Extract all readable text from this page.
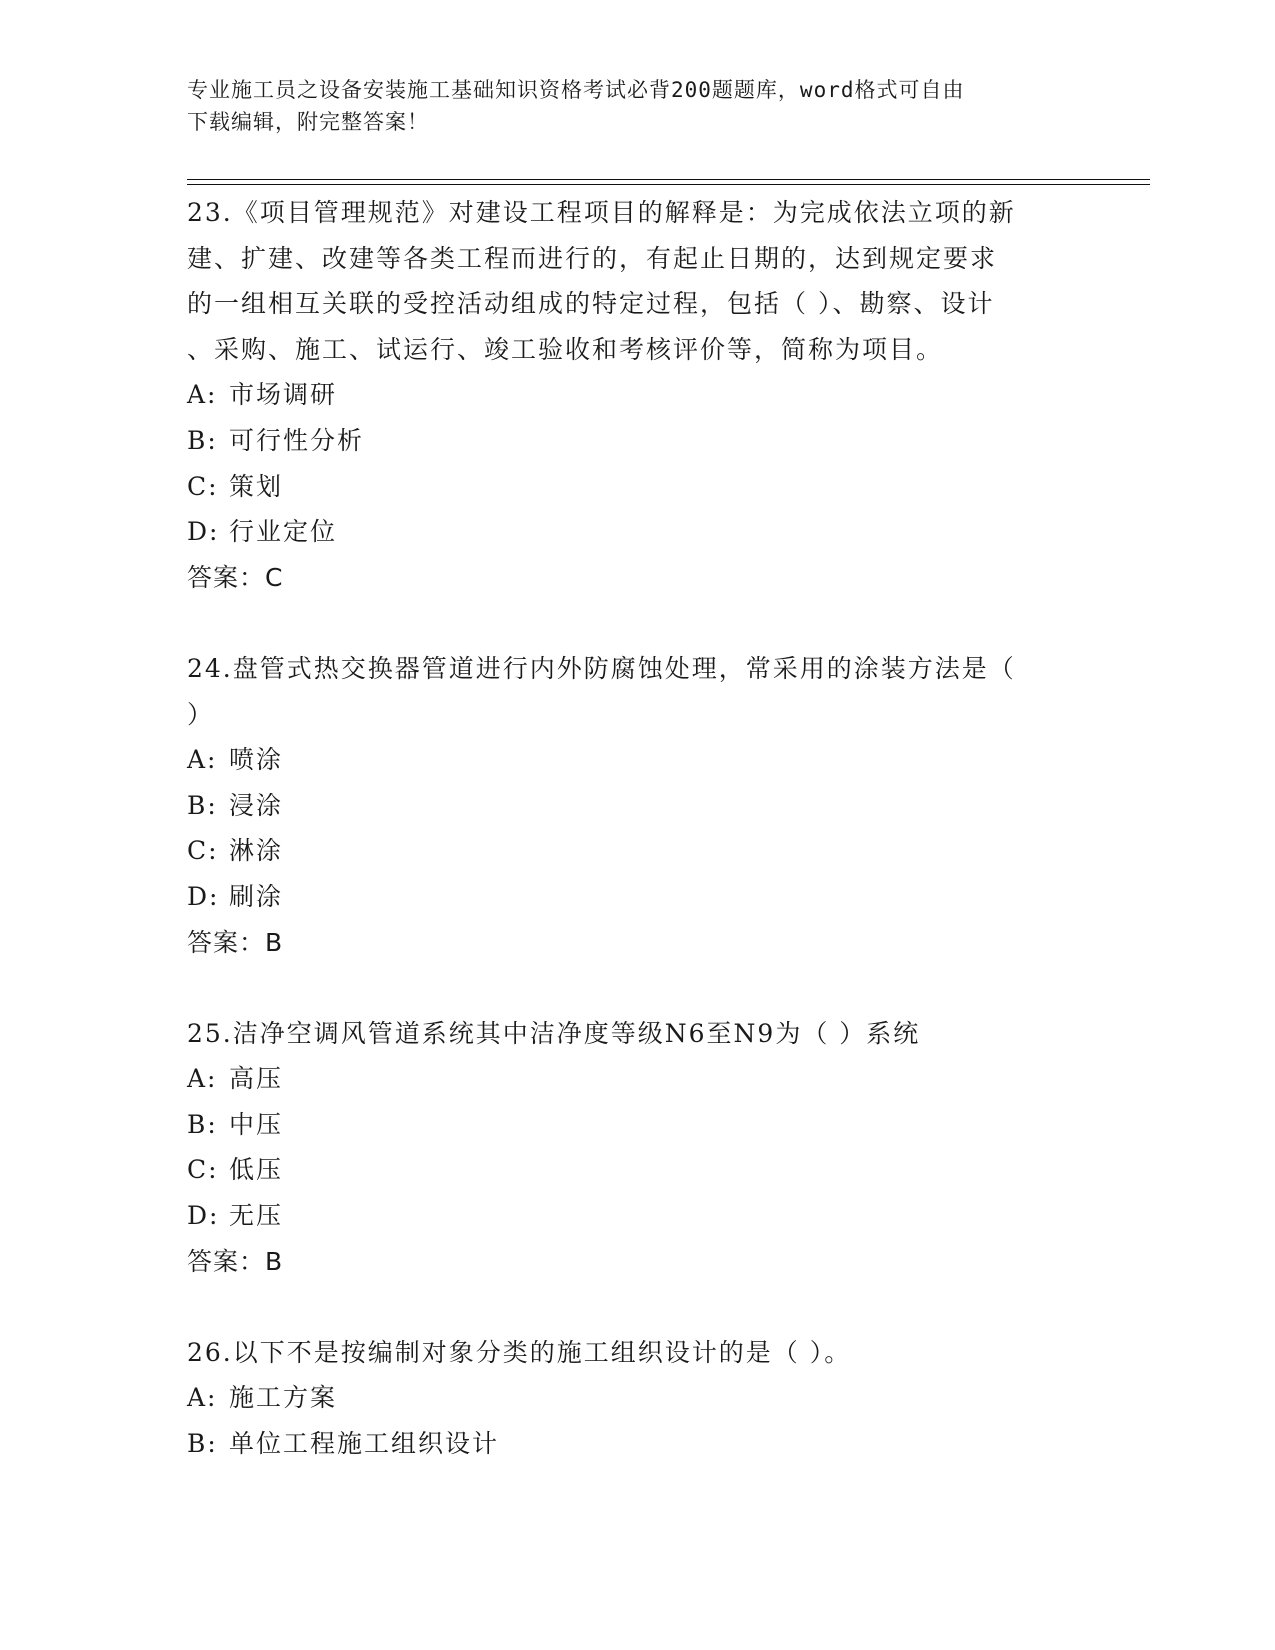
专业施工员之设备安装施工基础知识资格考试必背200题题库，word格式可自由
下载编辑，附完整答案！
23.《项目管理规范》对建设工程项目的解释是：为完成依法立项的新
建、扩建、改建等各类工程而进行的，有起止日期的，达到规定要求
的一组相互关联的受控活动组成的特定过程，包括（ ）、勘察、设计
、采购、施工、试运行、竣工验收和考核评价等，简称为项目。
A: 市场调研
B: 可行性分析
C: 策划
D: 行业定位
答案：C
24.盘管式热交换器管道进行内外防腐蚀处理，常采用的涂装方法是（
）
A: 喷涂
B: 浸涂
C: 淋涂
D: 刷涂
答案：B
25.洁净空调风管道系统其中洁净度等级N6至N9为（ ）系统
A: 高压
B: 中压
C: 低压
D: 无压
答案：B
26.以下不是按编制对象分类的施工组织设计的是（ ）。
A: 施工方案
B: 单位工程施工组织设计
